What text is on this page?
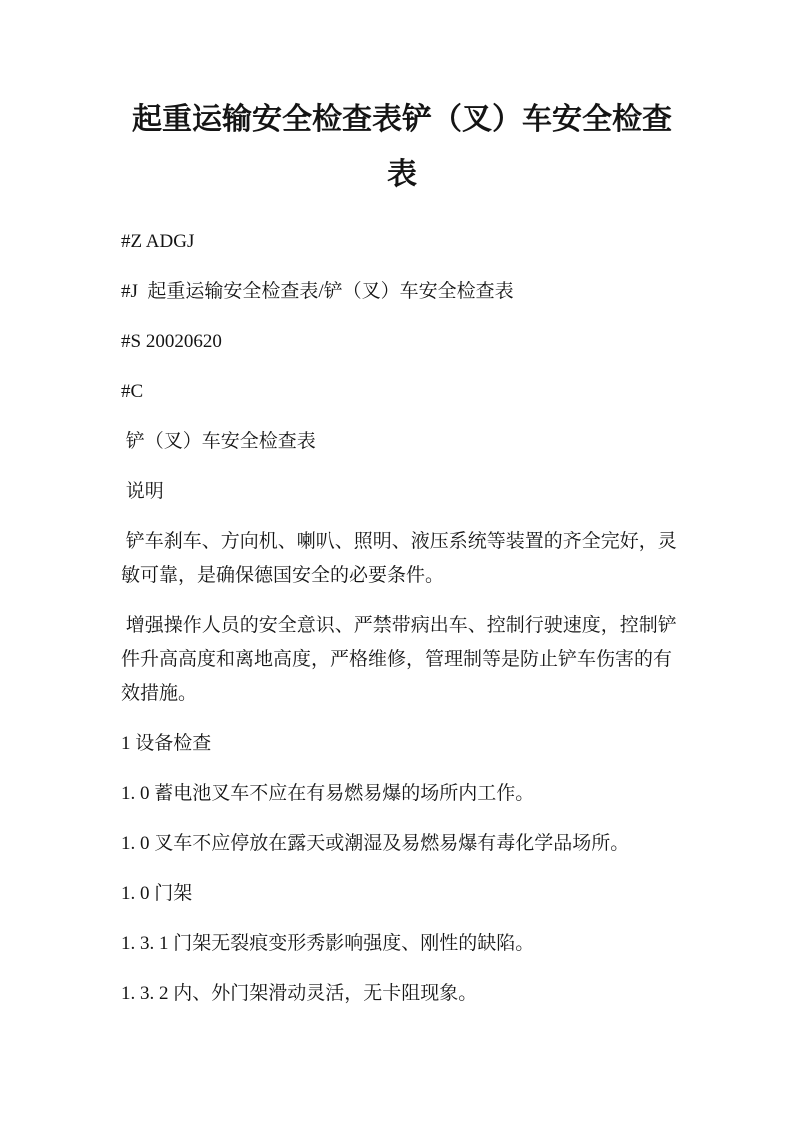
起重运输安全检查表铲（叉）车安全检查表

#Z ADGJ

#J  起重运输安全检查表/铲（叉）车安全检查表

#S 20020620

#C

铲（叉）车安全检查表

说明

铲车刹车、方向机、喇叭、照明、液压系统等装置的齐全完好，灵敏可靠，是确保德国安全的必要条件。

增强操作人员的安全意识、严禁带病出车、控制行驶速度，控制铲件升高高度和离地高度，严格维修，管理制等是防止铲车伤害的有效措施。

1 设备检查

1. 0 蓄电池叉车不应在有易燃易爆的场所内工作。

1. 0 叉车不应停放在露天或潮湿及易燃易爆有毒化学品场所。

1. 0 门架

1. 3. 1 门架无裂痕变形秀影响强度、刚性的缺陷。

1. 3. 2 内、外门架滑动灵活，无卡阻现象。
